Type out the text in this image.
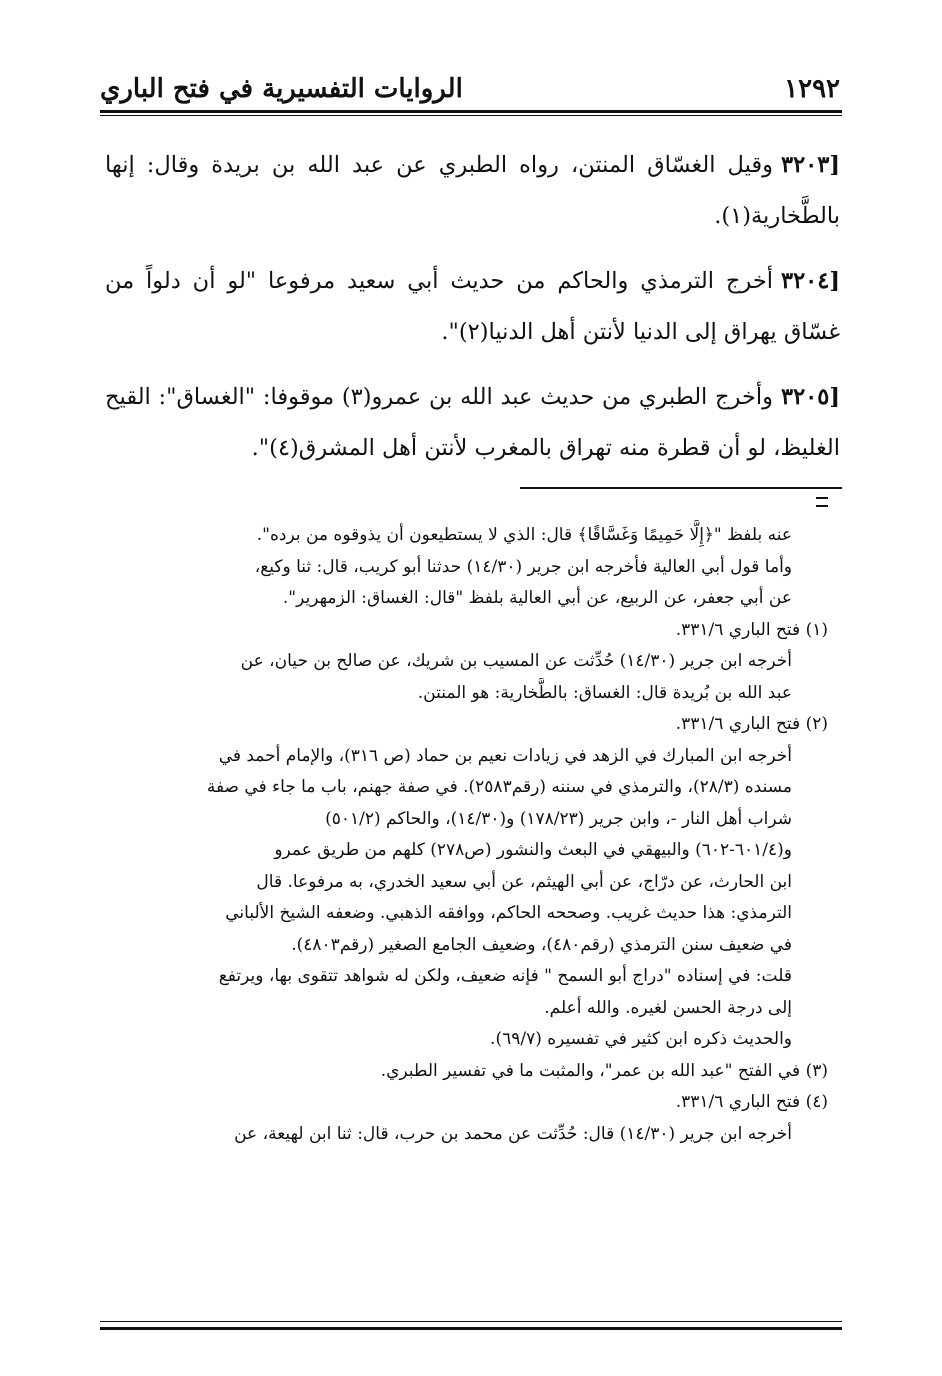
١٢٩٢
الروايات التفسيرية في فتح الباري

[٣٢٠٣وقيل الغسّاق المنتن، رواه الطبري عن عبد الله بن بريدة وقال: إنها بالطَّخارية(١).

[٣٢٠٤أخرج الترمذي والحاكم من حديث أبي سعيد مرفوعا "لو أن دلواً من غسّاق يهراق إلى الدنيا لأنتن أهل الدنيا(٢)".

[٣٢٠٥وأخرج الطبري من حديث عبد الله بن عمرو(٣) موقوفا: "الغساق": القيح الغليظ، لو أن قطرة منه تهراق بالمغرب لأنتن أهل المشرق(٤)".

عنه بلفظ "﴿إِلَّا حَمِيمًا وَغَسَّاقًا﴾ قال: الذي لا يستطيعون أن يذوقوه من برده".

وأما قول أبي العالية فأخرجه ابن جرير (١٤/٣٠) حدثنا أبو كريب، قال: ثنا وكيع،

عن أبي جعفر، عن الربيع، عن أبي العالية بلفظ "قال: الغساق: الزمهرير".

(١) فتح الباري ٣٣١/٦.

أخرجه ابن جرير (١٤/٣٠) حُدِّثت عن المسيب بن شريك، عن صالح بن حيان، عن

عبد الله بن بُريدة قال: الغساق: بالطَّخارية: هو المنتن.

(٢) فتح الباري ٣٣١/٦.

أخرجه ابن المبارك في الزهد في زيادات نعيم بن حماد (ص ٣١٦)، والإمام أحمد في

مسنده (٢٨/٣)، والترمذي في سننه (رقم٢٥٨٣). في صفة جهنم، باب ما جاء في صفة

شراب أهل النار -، وابن جرير (١٧٨/٢٣) و(١٤/٣٠)، والحاكم (٥٠١/٢)

و(٦٠١/٤-٦٠٢) والبيهقي في البعث والنشور (ص٢٧٨) كلهم من طريق عمرو

ابن الحارث، عن درّاج، عن أبي الهيثم، عن أبي سعيد الخدري، به مرفوعا. قال

الترمذي: هذا حديث غريب. وصححه الحاكم، ووافقه الذهبي. وضعفه الشيخ الألباني

في ضعيف سنن الترمذي (رقم٤٨٠)، وضعيف الجامع الصغير (رقم٤٨٠٣).

قلت: في إسناده "دراج أبو السمح " فإنه ضعيف، ولكن له شواهد تتقوى بها، ويرتفع

إلى درجة الحسن لغيره. والله أعلم.

والحديث ذكره ابن كثير في تفسيره (٦٩/٧).

(٣) في الفتح "عبد الله بن عمر"، والمثبت ما في تفسير الطبري.

(٤) فتح الباري ٣٣١/٦.

أخرجه ابن جرير (١٤/٣٠) قال: حُدِّثت عن محمد بن حرب، قال: ثنا ابن لهيعة، عن
